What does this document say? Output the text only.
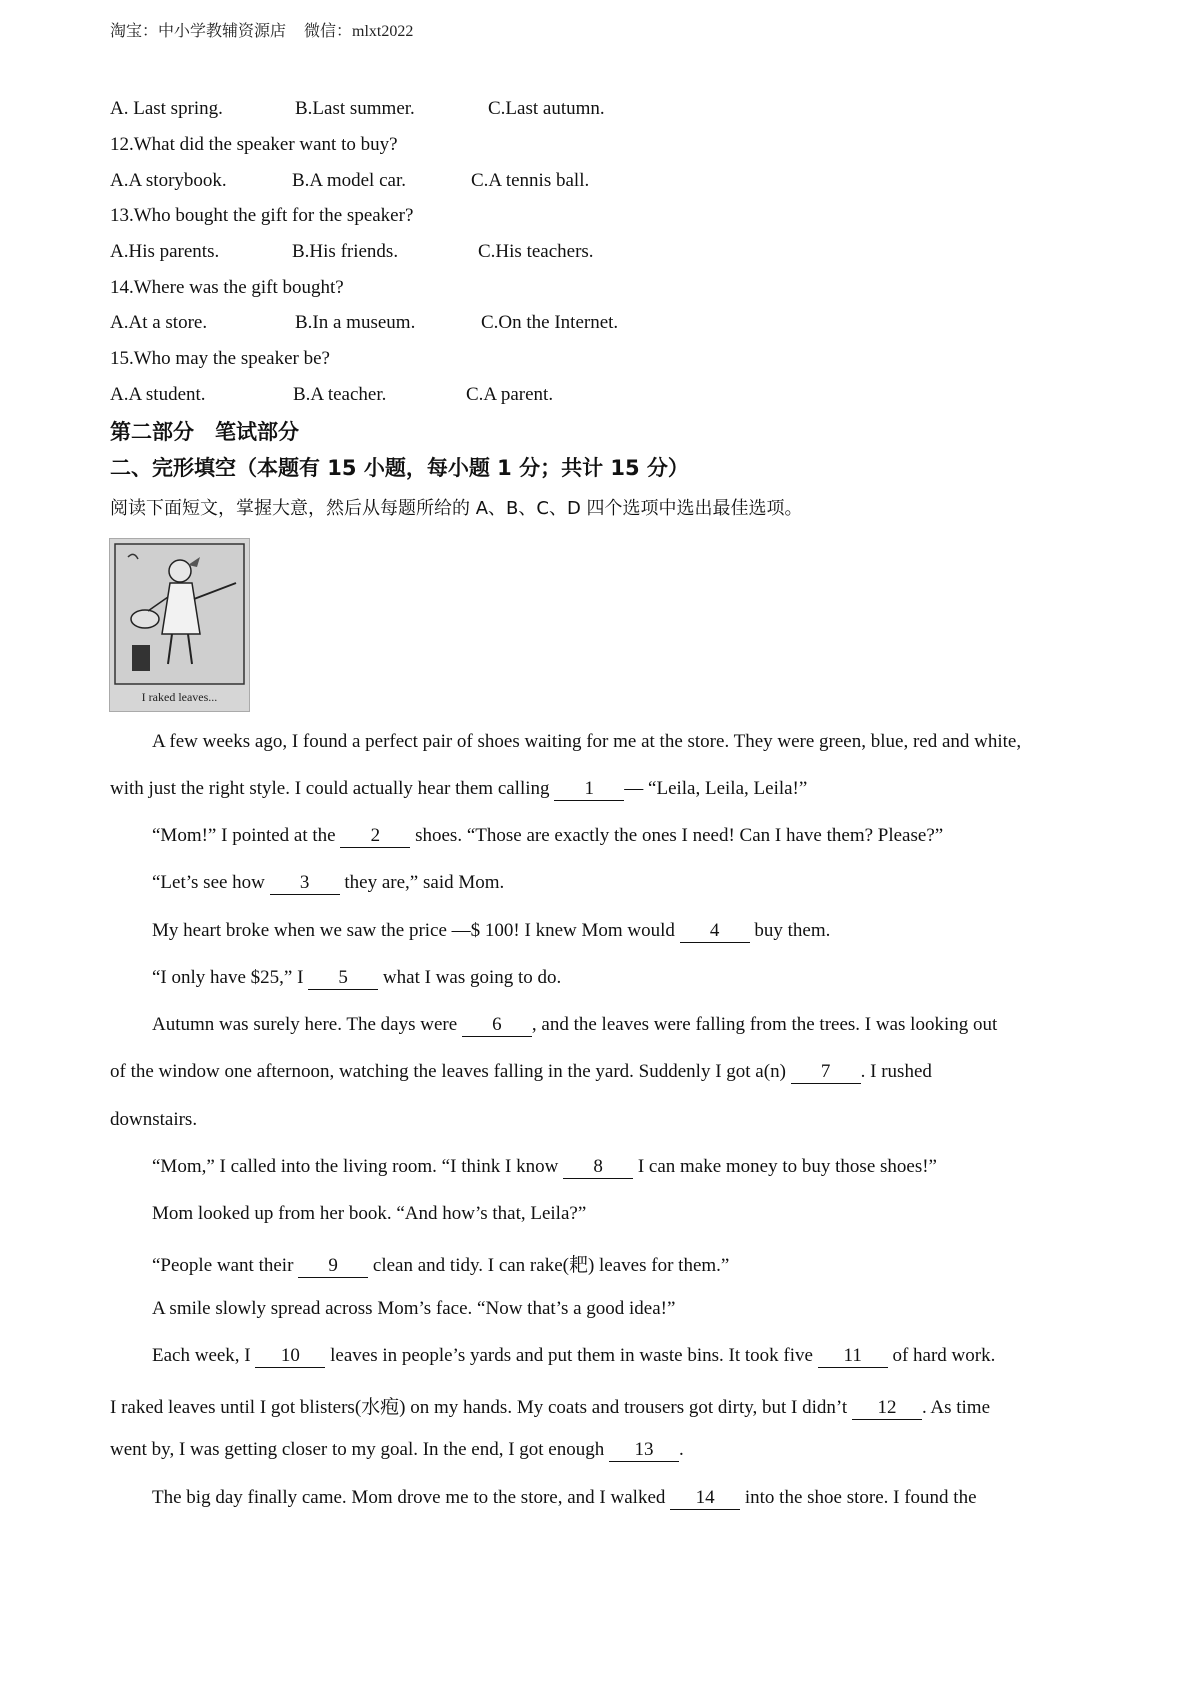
淘宝：中小学教辅资源店 微信：mlxt2022
A. Last spring.	B.Last summer.	C.Last autumn.
12.What did the speaker want to buy?
A.A storybook.	B.A model car.	C.A tennis ball.
13.Who bought the gift for the speaker?
A.His parents.	B.His friends.	C.His teachers.
14.Where was the gift bought?
A.At a store.	B.In a museum.	C.On the Internet.
15.Who may the speaker be?
A.A student.	B.A teacher.	C.A parent.
第二部分　笔试部分
二、完形填空（本题有 15 小题，每小题 1 分；共计 15 分）
阅读下面短文，掌握大意，然后从每题所给的 A、B、C、D 四个选项中选出最佳选项。
I raked leaves...
A few weeks ago, I found a perfect pair of shoes waiting for me at the store. They were green, blue, red and white,
with just the right style. I could actually hear them calling 1 — “Leila, Leila, Leila!”
“Mom!” I pointed at the 2 shoes. “Those are exactly the ones I need! Can I have them? Please?”
“Let’s see how 3 they are,” said Mom.
My heart broke when we saw the price —$ 100! I knew Mom would 4 buy them.
“I only have $25,” I 5 what I was going to do.
Autumn was surely here. The days were 6 , and the leaves were falling from the trees. I was looking out
of the window one afternoon, watching the leaves falling in the yard. Suddenly I got a(n) 7 . I rushed
downstairs.
“Mom,” I called into the living room. “I think I know 8 I can make money to buy those shoes!”
Mom looked up from her book. “And how’s that, Leila?”
“People want their 9 clean and tidy. I can rake(耙) leaves for them.”
A smile slowly spread across Mom’s face. “Now that’s a good idea!”
Each week, I 10 leaves in people’s yards and put them in waste bins. It took five 11 of hard work.
I raked leaves until I got blisters(水疱) on my hands. My coats and trousers got dirty, but I didn’t 12 . As time
went by, I was getting closer to my goal. In the end, I got enough 13 .
The big day finally came. Mom drove me to the store, and I walked 14 into the shoe store. I found the
